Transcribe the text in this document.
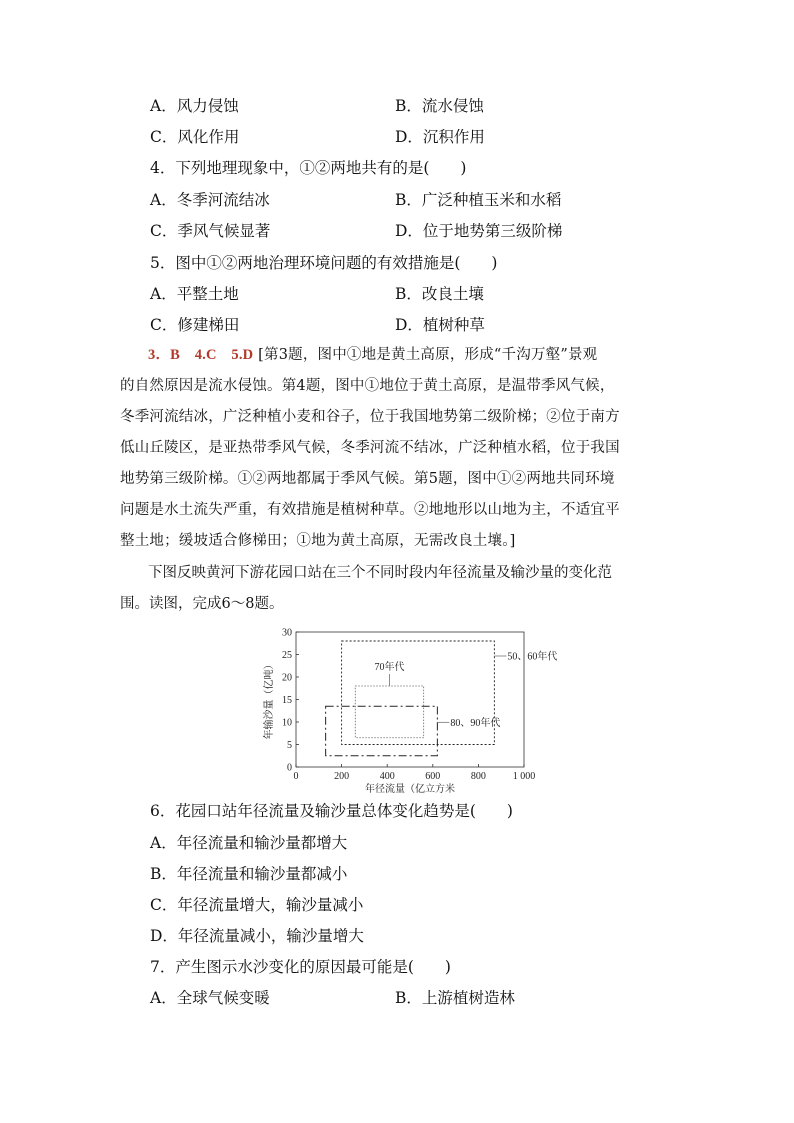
A．风力侵蚀	B．流水侵蚀
C．风化作用	D．沉积作用
4．下列地理现象中，①②两地共有的是(　　)
A．冬季河流结冰	B．广泛种植玉米和水稻
C．季风气候显著	D．位于地势第三级阶梯
5．图中①②两地治理环境问题的有效措施是(　　)
A．平整土地	B．改良土壤
C．修建梯田	D．植树种草
3．B　4.C　5.D [第3题，图中①地是黄土高原，形成“千沟万壑”景观
的自然原因是流水侵蚀。第4题，图中①地位于黄土高原，是温带季风气候，
冬季河流结冰，广泛种植小麦和谷子，位于我国地势第二级阶梯；②位于南方
低山丘陵区，是亚热带季风气候，冬季河流不结冰，广泛种植水稻，位于我国
地势第三级阶梯。①②两地都属于季风气候。第5题，图中①②两地共同环境
问题是水土流失严重，有效措施是植树种草。②地地形以山地为主，不适宜平
整土地；缓坡适合修梯田；①地为黄土高原，无需改良土壤。]
下图反映黄河下游花园口站在三个不同时段内年径流量及输沙量的变化范
围。读图，完成6～8题。
0
5
10
15
20
25
30
0	200	400	600	800	1 000
年径流量（亿立方米
年输沙量（亿吨）
50、60年代
70年代
80、90年代
6．花园口站年径流量及输沙量总体变化趋势是(　　)
A．年径流量和输沙量都增大
B．年径流量和输沙量都减小
C．年径流量增大，输沙量减小
D．年径流量减小，输沙量增大
7．产生图示水沙变化的原因最可能是(　　)
A．全球气候变暖	B．上游植树造林
